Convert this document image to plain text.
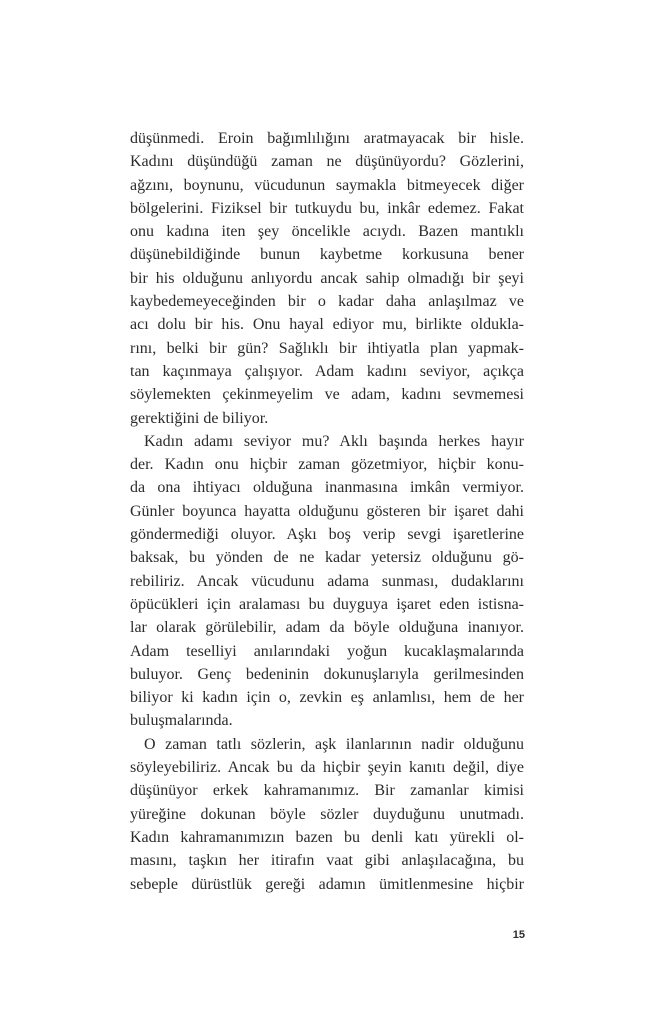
düşünmedi. Eroin bağımlılığını aratmayacak bir hisle.
Kadını düşündüğü zaman ne düşünüyordu? Gözlerini,
ağzını, boynunu, vücudunun saymakla bitmeyecek diğer
bölgelerini. Fiziksel bir tutkuydu bu, inkâr edemez. Fakat
onu kadına iten şey öncelikle acıydı. Bazen mantıklı
düşünebildiğinde bunun kaybetme korkusuna bener
bir his olduğunu anlıyordu ancak sahip olmadığı bir şeyi
kaybedemeyeceğinden bir o kadar daha anlaşılmaz ve
acı dolu bir his. Onu hayal ediyor mu, birlikte oldukla-
rını, belki bir gün? Sağlıklı bir ihtiyatla plan yapmak-
tan kaçınmaya çalışıyor. Adam kadını seviyor, açıkça
söylemekten çekinmeyelim ve adam, kadını sevmemesi
gerektiğini de biliyor.
Kadın adamı seviyor mu? Aklı başında herkes hayır
der. Kadın onu hiçbir zaman gözetmiyor, hiçbir konu-
da ona ihtiyacı olduğuna inanmasına imkân vermiyor.
Günler boyunca hayatta olduğunu gösteren bir işaret dahi
göndermediği oluyor. Aşkı boş verip sevgi işaretlerine
baksak, bu yönden de ne kadar yetersiz olduğunu gö-
rebiliriz. Ancak vücudunu adama sunması, dudaklarını
öpücükleri için aralaması bu duyguya işaret eden istisna-
lar olarak görülebilir, adam da böyle olduğuna inanıyor.
Adam teselliyi anılarındaki yoğun kucaklaşmalarında
buluyor. Genç bedeninin dokunuşlarıyla gerilmesinden
biliyor ki kadın için o, zevkin eş anlamlısı, hem de her
buluşmalarında.
O zaman tatlı sözlerin, aşk ilanlarının nadir olduğunu
söyleyebiliriz. Ancak bu da hiçbir şeyin kanıtı değil, diye
düşünüyor erkek kahramanımız. Bir zamanlar kimisi
yüreğine dokunan böyle sözler duyduğunu unutmadı.
Kadın kahramanımızın bazen bu denli katı yürekli ol-
masını, taşkın her itirafın vaat gibi anlaşılacağına, bu
sebeple dürüstlük gereği adamın ümitlenmesine hiçbir
15
